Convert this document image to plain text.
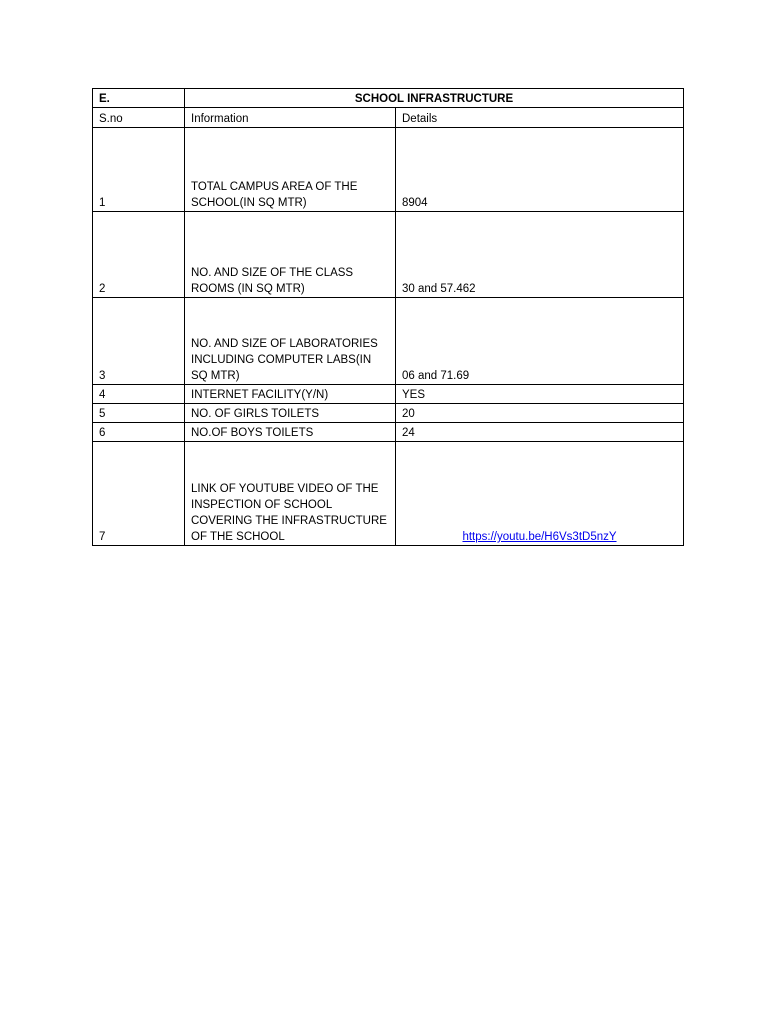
E.	SCHOOL INFRASTRUCTURE	
S.no	Information	Details
1	TOTAL CAMPUS AREA OF THE SCHOOL(IN SQ MTR)	8904
2	NO. AND SIZE OF THE CLASS ROOMS (IN SQ MTR)	30 and 57.462
3	NO. AND SIZE OF LABORATORIES INCLUDING COMPUTER LABS(IN SQ MTR)	06 and 71.69
4	INTERNET FACILITY(Y/N)	YES
5	NO. OF GIRLS TOILETS	20
6	NO.OF BOYS TOILETS	24
7	LINK OF YOUTUBE VIDEO OF THE INSPECTION OF SCHOOL COVERING THE INFRASTRUCTURE OF THE SCHOOL	https://youtu.be/H6Vs3tD5nzY
